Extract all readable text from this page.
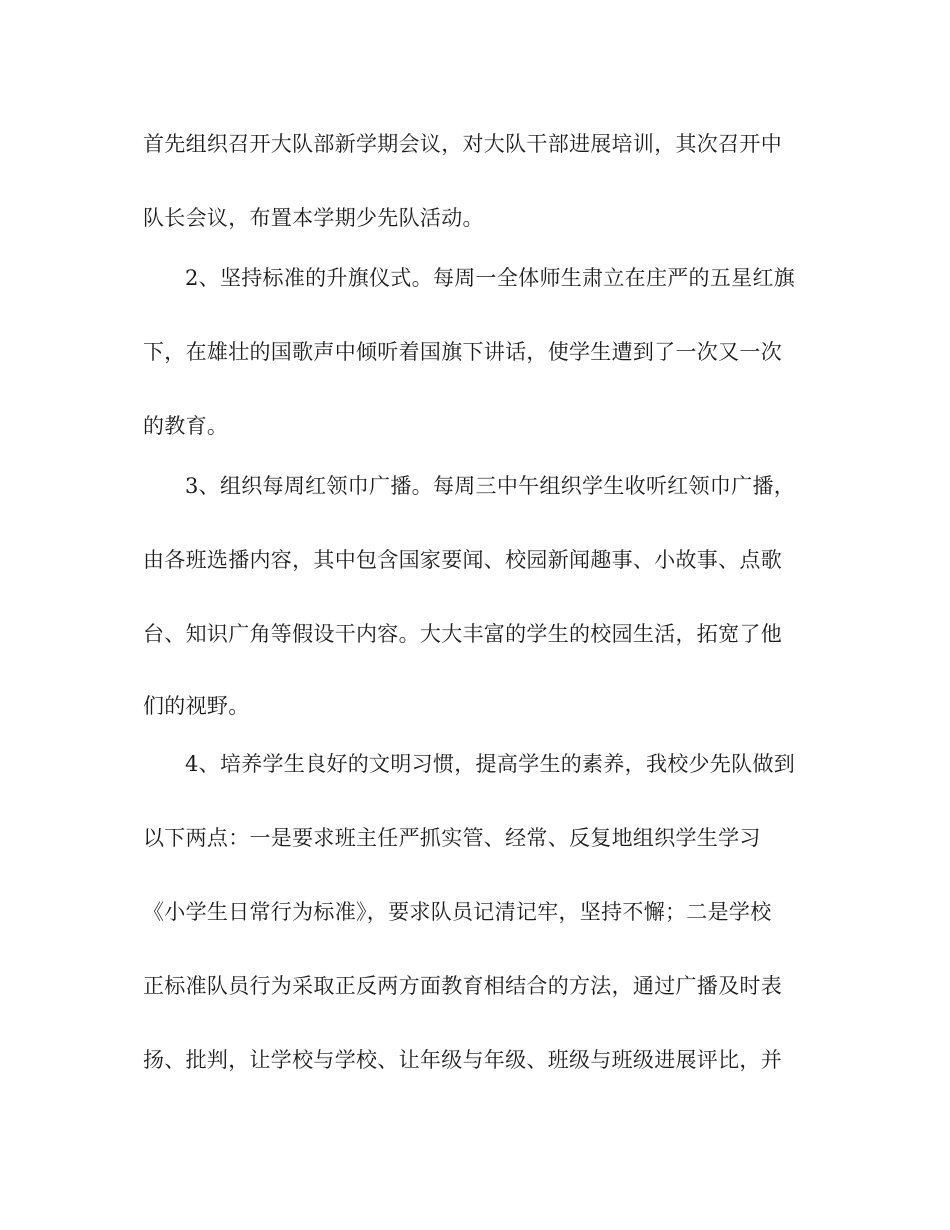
首先组织召开大队部新学期会议，对大队干部进展培训，其次召开中
队长会议，布置本学期少先队活动。
2、坚持标准的升旗仪式。每周一全体师生肃立在庄严的五星红旗
下，在雄壮的国歌声中倾听着国旗下讲话，使学生遭到了一次又一次
的教育。
3、组织每周红领巾广播。每周三中午组织学生收听红领巾广播，
由各班选播内容，其中包含国家要闻、校园新闻趣事、小故事、点歌
台、知识广角等假设干内容。大大丰富的学生的校园生活，拓宽了他
们的视野。
4、培养学生良好的文明习惯，提高学生的素养，我校少先队做到
以下两点：一是要求班主任严抓实管、经常、反复地组织学生学习
《小学生日常行为标准》，要求队员记清记牢，坚持不懈；二是学校
正标准队员行为采取正反两方面教育相结合的方法，通过广播及时表
扬、批判，让学校与学校、让年级与年级、班级与班级进展评比，并
